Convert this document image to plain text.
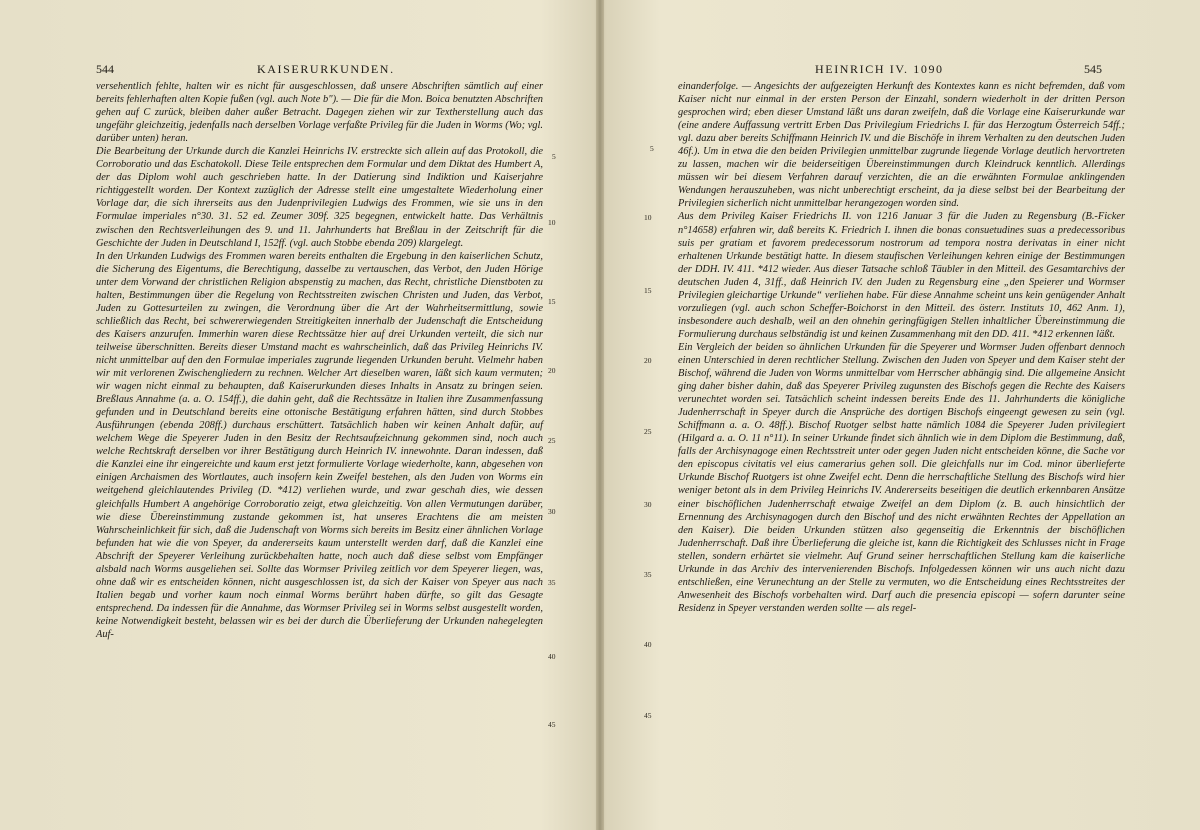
544	KAISERURKUNDEN.

versehentlich fehlte, halten wir es nicht für ausgeschlossen, daß unsere Abschriften sämtlich auf einer bereits fehlerhaften alten Kopie fußen (vgl. auch Note b"). — Die für die Mon. Boica benutzten Abschriften gehen auf C zurück, bleiben daher außer Betracht. Dagegen ziehen wir zur Textherstellung auch das ungefähr gleichzeitig, jedenfalls nach derselben Vorlage verfaßte Privileg für die Juden in Worms (Wo; vgl. darüber unten) heran.

Die Bearbeitung der Urkunde durch die Kanzlei Heinrichs IV. erstreckte sich allein auf das Protokoll, die Corroboratio und das Eschatokoll. Diese Teile entsprechen dem Formular und dem Diktat des Humbert A, der das Diplom wohl auch geschrieben hatte. In der Datierung sind Indiktion und Kaiserjahre richtiggestellt worden. Der Kontext zuzüglich der Adresse stellt eine umgestaltete Wiederholung einer Vorlage dar, die sich ihrerseits aus den Judenprivilegien Ludwigs des Frommen, wie sie uns in den Formulae imperiales n°30. 31. 52 ed. Zeumer 309f. 325 begegnen, entwickelt hatte. Das Verhältnis zwischen den Rechtsverleihungen des 9. und 11. Jahrhunderts hat Breßlau in der Zeitschrift für die Geschichte der Juden in Deutschland I, 152ff. (vgl. auch Stobbe ebenda 209) klargelegt.

In den Urkunden Ludwigs des Frommen waren bereits enthalten die Ergebung in den kaiserlichen Schutz, die Sicherung des Eigentums, die Berechtigung, dasselbe zu vertauschen, das Verbot, den Juden Hörige unter dem Vorwand der christlichen Religion abspenstig zu machen, das Recht, christliche Dienstboten zu halten, Bestimmungen über die Regelung von Rechtsstreiten zwischen Christen und Juden, das Verbot, Juden zu Gottesurteilen zu zwingen, die Verordnung über die Art der Wahrheitsermittlung, sowie schließlich das Recht, bei schwererwiegenden Streitigkeiten innerhalb der Judenschaft die Entscheidung des Kaisers anzurufen. Immerhin waren diese Rechtssätze hier auf drei Urkunden verteilt, die sich nur teilweise überschnitten. Bereits dieser Umstand macht es wahrscheinlich, daß das Privileg Heinrichs IV. nicht unmittelbar auf den den Formulae imperiales zugrunde liegenden Urkunden beruht. Vielmehr haben wir mit verlorenen Zwischengliedern zu rechnen. Welcher Art dieselben waren, läßt sich kaum vermuten; wir wagen nicht einmal zu behaupten, daß Kaiserurkunden dieses Inhalts in Ansatz zu bringen seien. Breßlaus Annahme (a. a. O. 154ff.), die dahin geht, daß die Rechtssätze in Italien ihre Zusammenfassung gefunden und in Deutschland bereits eine ottonische Bestätigung erfahren hätten, sind durch Stobbes Ausführungen (ebenda 208ff.) durchaus erschüttert. Tatsächlich haben wir keinen Anhalt dafür, auf welchem Wege die Speyerer Juden in den Besitz der Rechtsaufzeichnung gekommen sind, noch auch welche Rechtskraft derselben vor ihrer Bestätigung durch Heinrich IV. innewohnte. Daran indessen, daß die Kanzlei eine ihr eingereichte und kaum erst jetzt formulierte Vorlage wiederholte, kann, abgesehen von einigen Archaismen des Wortlautes, auch insofern kein Zweifel bestehen, als den Juden von Worms ein weitgehend gleichlautendes Privileg (D. *412) verliehen wurde, und zwar geschah dies, wie dessen gleichfalls Humbert A angehörige Corroboratio zeigt, etwa gleichzeitig. Von allen Vermutungen darüber, wie diese Übereinstimmung zustande gekommen ist, hat unseres Erachtens die am meisten Wahrscheinlichkeit für sich, daß die Judenschaft von Worms sich bereits im Besitz einer ähnlichen Vorlage befunden hat wie die von Speyer, da andererseits kaum unterstellt werden darf, daß die Kanzlei eine Abschrift der Speyerer Verleihung zurückbehalten hatte, noch auch daß diese selbst vom Empfänger alsbald nach Worms ausgeliehen sei. Sollte das Wormser Privileg zeitlich vor dem Speyerer liegen, was, ohne daß wir es entscheiden können, nicht ausgeschlossen ist, da sich der Kaiser von Speyer aus nach Italien begab und vorher kaum noch einmal Worms berührt haben dürfte, so gilt das Gesagte entsprechend. Da indessen für die Annahme, das Wormser Privileg sei in Worms selbst ausgestellt worden, keine Notwendigkeit besteht, belassen wir es bei der durch die Überlieferung der Urkunden nahegelegten Auf-

5
10
15
20
25
30
35
40
45
HEINRICH IV. 1090	545
5
10
15
20
25
30
35
40
45

einanderfolge. — Angesichts der aufgezeigten Herkunft des Kontextes kann es nicht befremden, daß vom Kaiser nicht nur einmal in der ersten Person der Einzahl, sondern wiederholt in der dritten Person gesprochen wird; eben dieser Umstand läßt uns daran zweifeln, daß die Vorlage eine Kaiserurkunde war (eine andere Auffassung vertritt Erben Das Privilegium Friedrichs I. für das Herzogtum Österreich 54ff.; vgl. dazu aber bereits Schiffmann Heinrich IV. und die Bischöfe in ihrem Verhalten zu den deutschen Juden 46f.). Um in etwa die den beiden Privilegien unmittelbar zugrunde liegende Vorlage deutlich hervortreten zu lassen, machen wir die beiderseitigen Übereinstimmungen durch Kleindruck kenntlich. Allerdings müssen wir bei diesem Verfahren darauf verzichten, die an die erwähnten Formulae anklingenden Wendungen herauszuheben, was nicht unberechtigt erscheint, da ja diese selbst bei der Bearbeitung der Privilegien sicherlich nicht unmittelbar herangezogen worden sind.

Aus dem Privileg Kaiser Friedrichs II. von 1216 Januar 3 für die Juden zu Regensburg (B.-Ficker n°14658) erfahren wir, daß bereits K. Friedrich I. ihnen die bonas consuetudines suas a predecessoribus suis per gratiam et favorem predecessorum nostrorum ad tempora nostra derivatas in einer nicht erhaltenen Urkunde bestätigt hatte. In diesem staufischen Verleihungen kehren einige der Bestimmungen der DDH. IV. 411. *412 wieder. Aus dieser Tatsache schloß Täubler in den Mitteil. des Gesamtarchivs der deutschen Juden 4, 31ff., daß Heinrich IV. den Juden zu Regensburg eine „den Speierer und Wormser Privilegien gleichartige Urkunde“ verliehen habe. Für diese Annahme scheint uns kein genügender Anhalt vorzuliegen (vgl. auch schon Scheffer-Boichorst in den Mitteil. des österr. Instituts 10, 462 Anm. 1), insbesondere auch deshalb, weil an den ohnehin geringfügigen Stellen inhaltlicher Übereinstimmung die Formulierung durchaus selbständig ist und keinen Zusammenhang mit den DD. 411. *412 erkennen läßt.

Ein Vergleich der beiden so ähnlichen Urkunden für die Speyerer und Wormser Juden offenbart dennoch einen Unterschied in deren rechtlicher Stellung. Zwischen den Juden von Speyer und dem Kaiser steht der Bischof, während die Juden von Worms unmittelbar vom Herrscher abhängig sind. Die allgemeine Ansicht ging daher bisher dahin, daß das Speyerer Privileg zugunsten des Bischofs gegen die Rechte des Kaisers verunechtet worden sei. Tatsächlich scheint indessen bereits Ende des 11. Jahrhunderts die königliche Judenherrschaft in Speyer durch die Ansprüche des dortigen Bischofs eingeengt gewesen zu sein (vgl. Schiffmann a. a. O. 48ff.). Bischof Ruotger selbst hatte nämlich 1084 die Speyerer Juden privilegiert (Hilgard a. a. O. 11 n°11). In seiner Urkunde findet sich ähnlich wie in dem Diplom die Bestimmung, daß, falls der Archisynagoge einen Rechtsstreit unter oder gegen Juden nicht entscheiden könne, die Sache vor den episcopus civitatis vel eius camerarius gehen soll. Die gleichfalls nur im Cod. minor überlieferte Urkunde Bischof Ruotgers ist ohne Zweifel echt. Denn die herrschaftliche Stellung des Bischofs wird hier weniger betont als in dem Privileg Heinrichs IV. Andererseits beseitigen die deutlich erkennbaren Ansätze einer bischöflichen Judenherrschaft etwaige Zweifel an dem Diplom (z. B. auch hinsichtlich der Ernennung des Archisynagogen durch den Bischof und des nicht erwähnten Rechtes der Appellation an den Kaiser). Die beiden Urkunden stützen also gegenseitig die Erkenntnis der bischöflichen Judenherrschaft. Daß ihre Überlieferung die gleiche ist, kann die Richtigkeit des Schlusses nicht in Frage stellen, sondern erhärtet sie vielmehr. Auf Grund seiner herrschaftlichen Stellung kam die kaiserliche Urkunde in das Archiv des intervenierenden Bischofs. Infolgedessen können wir uns auch nicht dazu entschließen, eine Verunechtung an der Stelle zu vermuten, wo die Entscheidung eines Rechtsstreites der Anwesenheit des Bischofs vorbehalten wird. Darf auch die presencia episcopi — sofern darunter seine Residenz in Speyer verstanden werden sollte — als regel-
